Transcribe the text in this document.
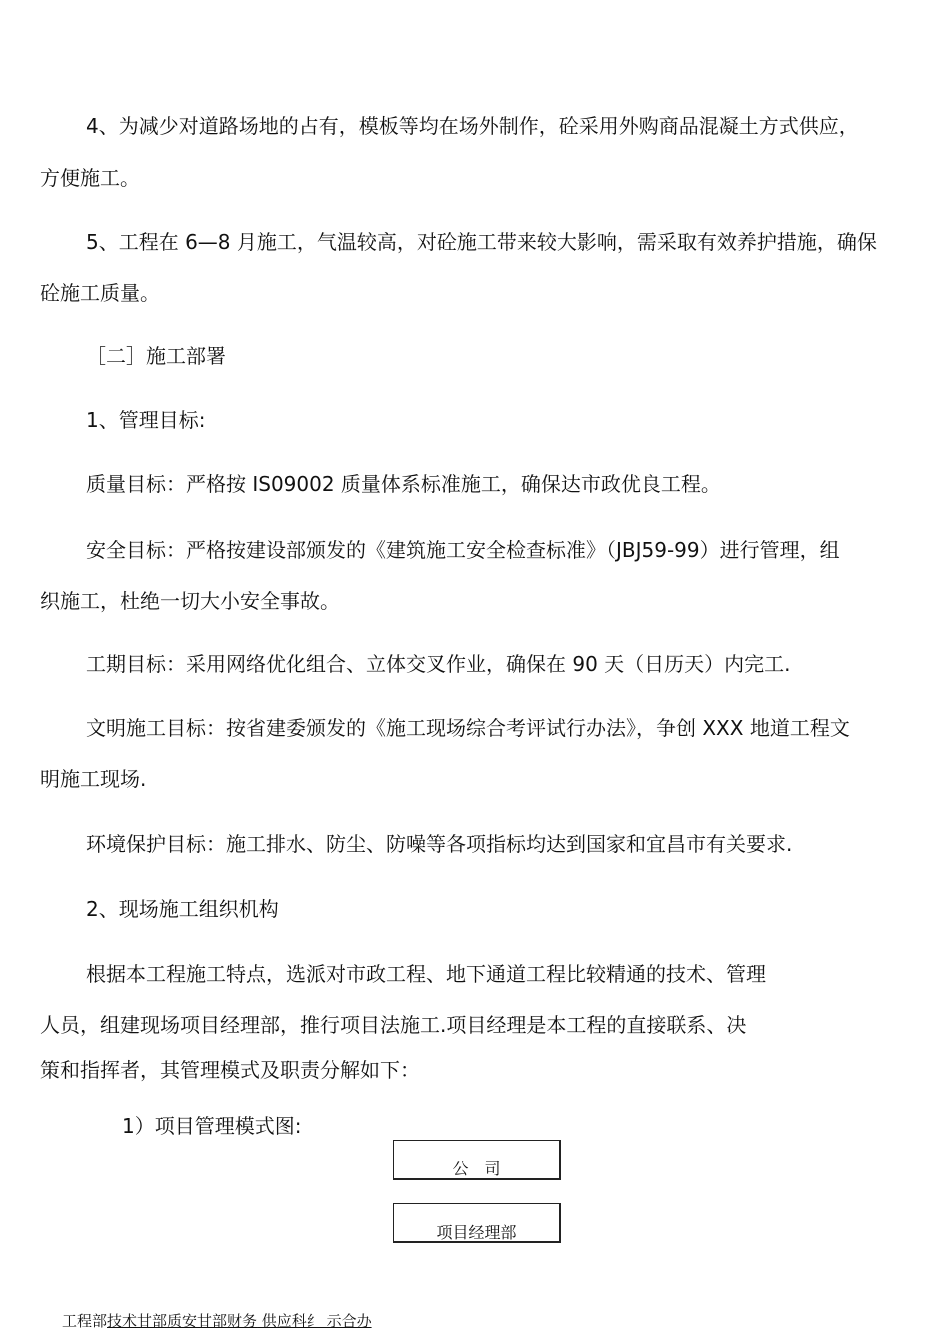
4、为减少对道路场地的占有，模板等均在场外制作，砼采用外购商品混凝土方式供应，
方便施工。
5、工程在 6—8 月施工，气温较高，对砼施工带来较大影响，需采取有效养护措施，确保
砼施工质量。
［二］施工部署
1、管理目标:
质量目标：严格按 IS09002 质量体系标准施工，确保达市政优良工程。
安全目标：严格按建设部颁发的《建筑施工安全检查标准》（JBJ59-99）进行管理，组
织施工，杜绝一切大小安全事故。
工期目标：采用网络优化组合、立体交叉作业，确保在 90 天（日历天）内完工.
文明施工目标：按省建委颁发的《施工现场综合考评试行办法》，争创 XXX 地道工程文
明施工现场.
环境保护目标：施工排水、防尘、防噪等各项指标均达到国家和宜昌市有关要求.
2、现场施工组织机构
根据本工程施工特点，选派对市政工程、地下通道工程比较精通的技术、管理
人员，组建现场项目经理部，推行项目法施工.项目经理是本工程的直接联系、决
策和指挥者，其管理模式及职责分解如下：
1）项目管理模式图:
公　司
项目经理部
工程部技术甘部质安甘部财务 供应科纟 示合办
